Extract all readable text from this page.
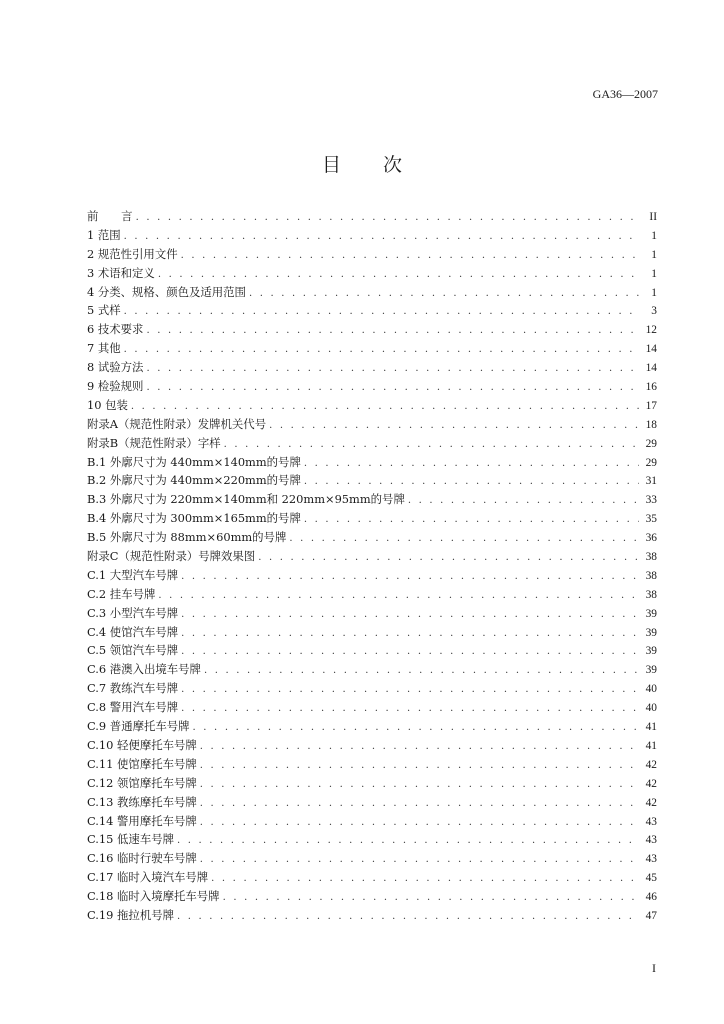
GA36—2007
目 次
前　　言 . . .	II
1 范围 . . .	1
2 规范性引用文件 . . .	1
3 术语和定义 . . .	1
4 分类、规格、颜色及适用范围 . . .	1
5 式样 . . .	3
6 技术要求 . . .	12
7 其他 . . .	14
8 试验方法 . . .	14
9 检验规则 . . .	16
10 包装 . . .	17
附录A（规范性附录）发牌机关代号 . . .	18
附录B（规范性附录）字样 . . .	29
B.1 外廓尺寸为 440mm×140mm的号牌 . . .	29
B.2 外廓尺寸为 440mm×220mm的号牌 . . .	31
B.3 外廓尺寸为 220mm×140mm和 220mm×95mm的号牌 . . .	33
B.4 外廓尺寸为 300mm×165mm的号牌 . . .	35
B.5 外廓尺寸为 88mm×60mm的号牌 . . .	36
附录C（规范性附录）号牌效果图 . . .	38
C.1 大型汽车号牌 . . .	38
C.2 挂车号牌 . . .	38
C.3 小型汽车号牌 . . .	39
C.4 使馆汽车号牌 . . .	39
C.5 领馆汽车号牌 . . .	39
C.6 港澳入出境车号牌 . . .	39
C.7 教练汽车号牌 . . .	40
C.8 警用汽车号牌 . . .	40
C.9 普通摩托车号牌 . . .	41
C.10 轻便摩托车号牌 . . .	41
C.11 使馆摩托车号牌 . . .	42
C.12 领馆摩托车号牌 . . .	42
C.13 教练摩托车号牌 . . .	42
C.14 警用摩托车号牌 . . .	43
C.15 低速车号牌 . . .	43
C.16 临时行驶车号牌 . . .	43
C.17 临时入境汽车号牌 . . .	45
C.18 临时入境摩托车号牌 . . .	46
C.19 拖拉机号牌 . . .	47
I
